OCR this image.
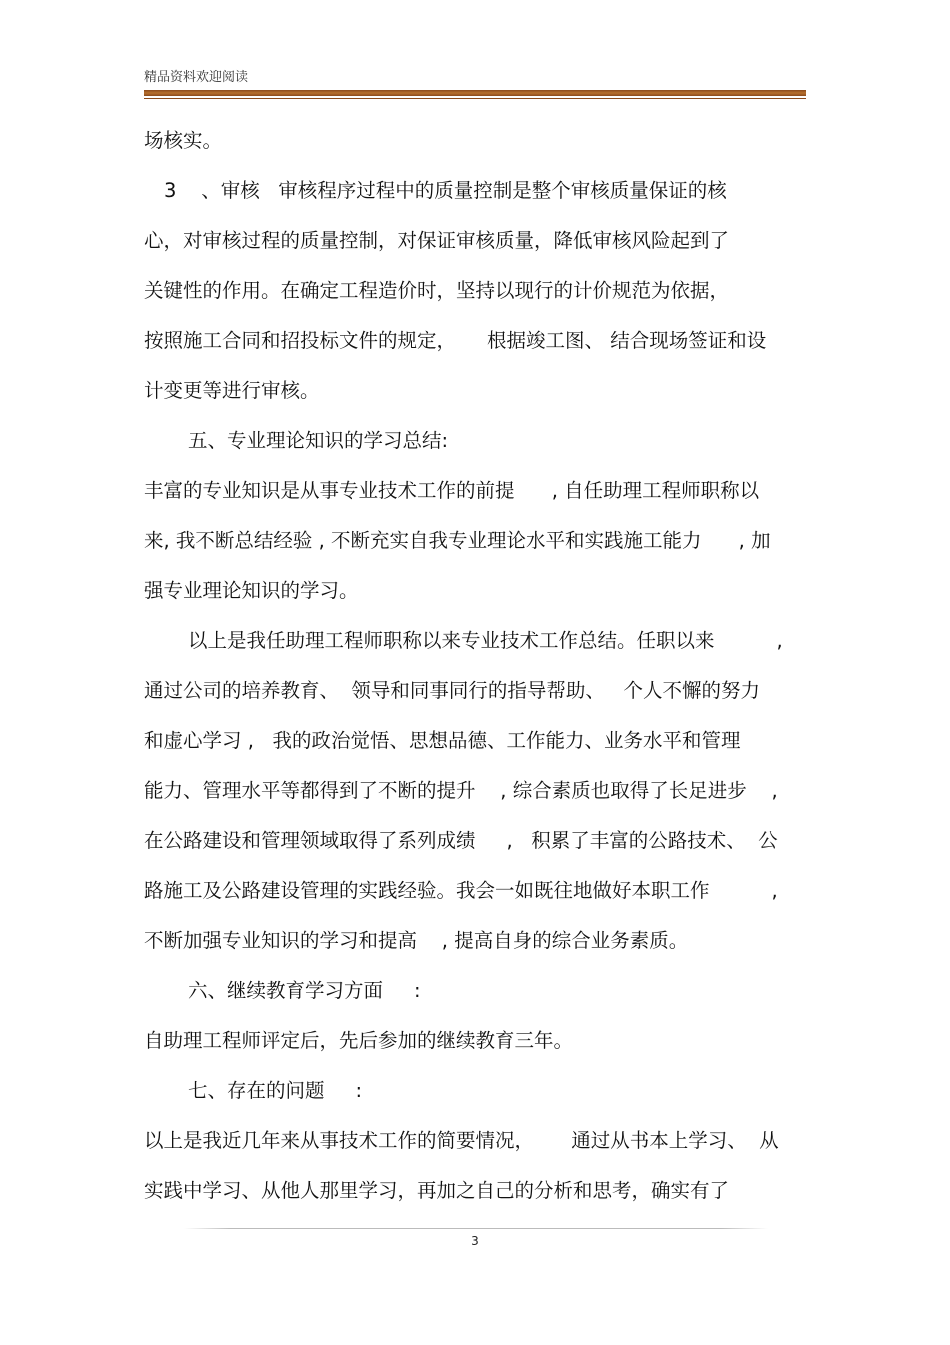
精品资料欢迎阅读
场核实。
3    、审核   审核程序过程中的质量控制是整个审核质量保证的核
心，对审核过程的质量控制，对保证审核质量，降低审核风险起到了
关键性的作用。在确定工程造价时，坚持以现行的计价规范为依据，
按照施工合同和招投标文件的规定，     根据竣工图、 结合现场签证和设
计变更等进行审核。
五、专业理论知识的学习总结:
丰富的专业知识是从事专业技术工作的前提      , 自任助理工程师职称以
来, 我不断总结经验 , 不断充实自我专业理论水平和实践施工能力      , 加
强专业理论知识的学习。
以上是我任助理工程师职称以来专业技术工作总结。任职以来          ,
通过公司的培养教育、  领导和同事同行的指导帮助、   个人不懈的努力
和虚心学习 ,   我的政治觉悟、思想品德、工作能力、业务水平和管理
能力、管理水平等都得到了不断的提升    , 综合素质也取得了长足进步    ,
在公路建设和管理领域取得了系列成绩     ,   积累了丰富的公路技术、  公
路施工及公路建设管理的实践经验。我会一如既往地做好本职工作          ,
不断加强专业知识的学习和提高    , 提高自身的综合业务素质。
六、继续教育学习方面     :
自助理工程师评定后，先后参加的继续教育三年。
七、存在的问题     :
以上是我近几年来从事技术工作的简要情况，      通过从书本上学习、  从
实践中学习、从他人那里学习，再加之自己的分析和思考，确实有了
3
